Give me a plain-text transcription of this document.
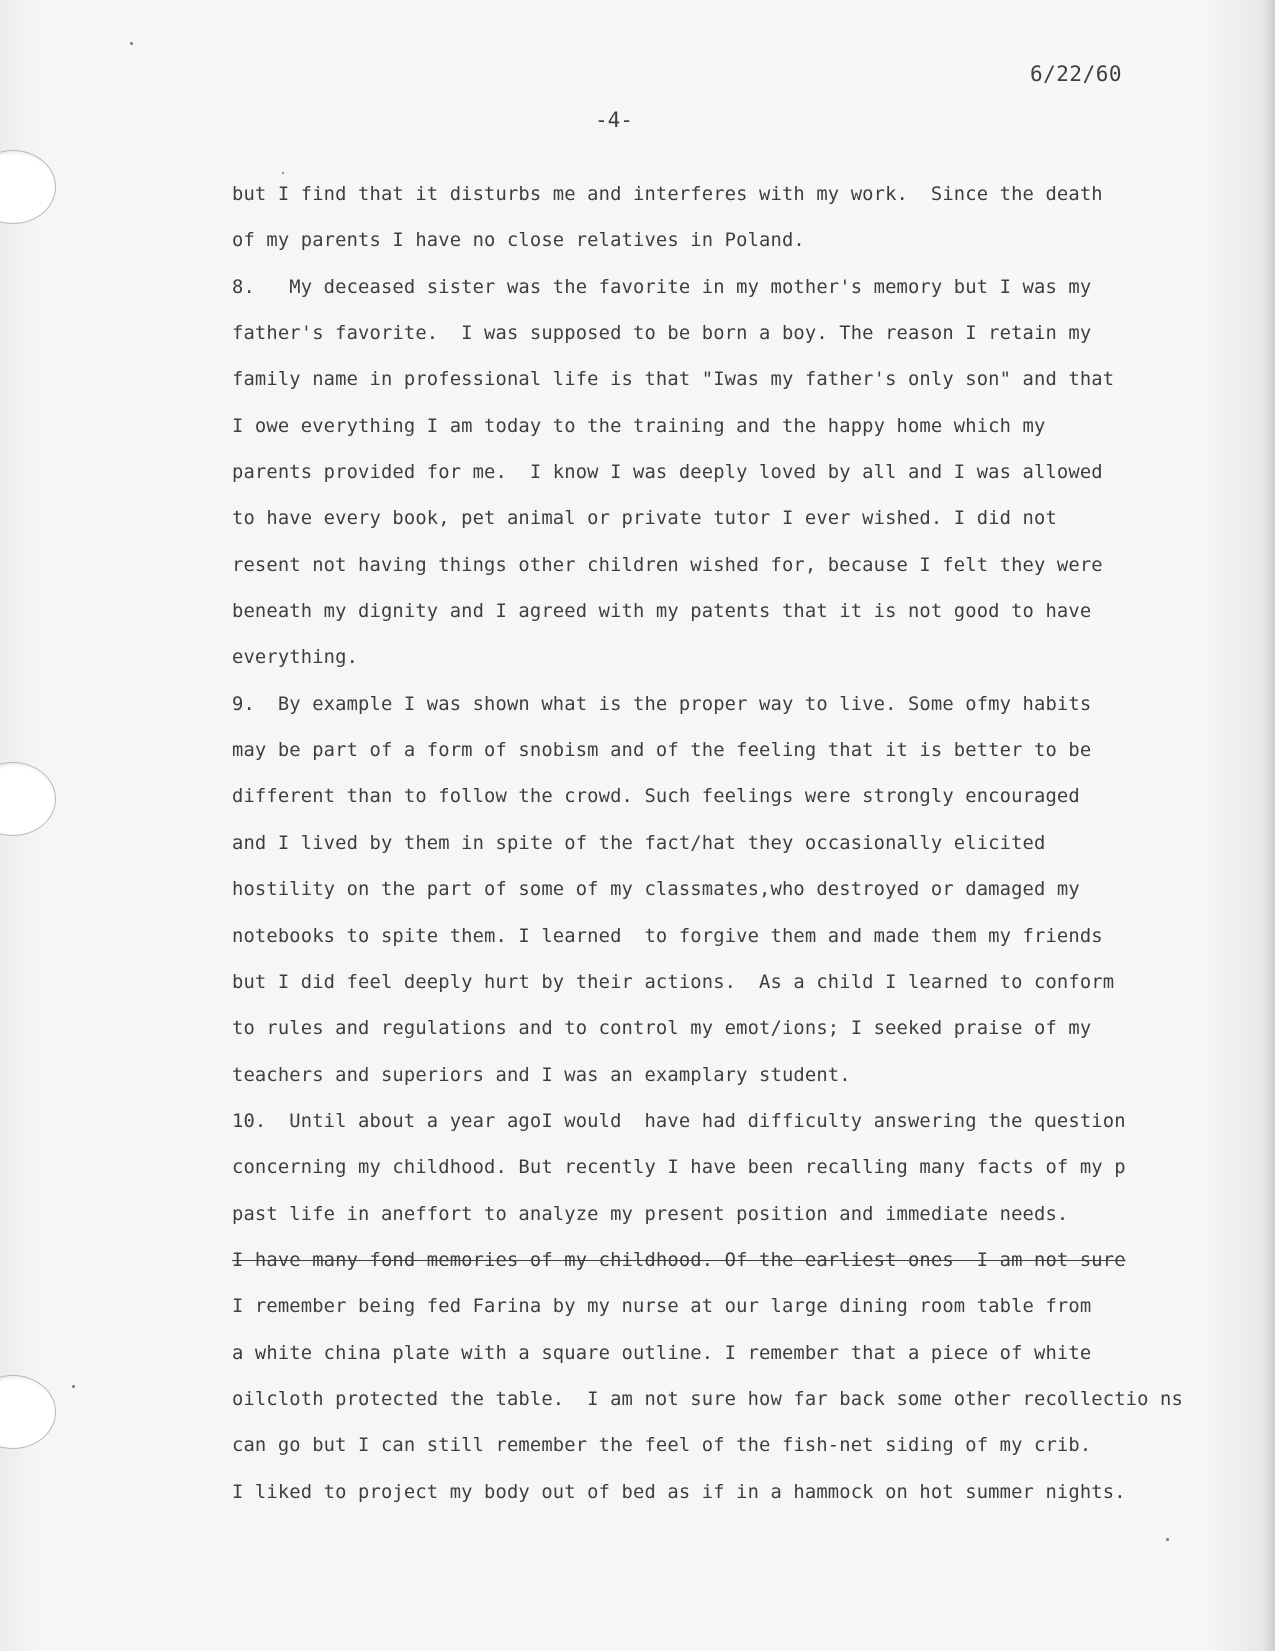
6/22/60
-4-
but I find that it disturbs me and interferes with my work.  Since the death
of my parents I have no close relatives in Poland.
8.   My deceased sister was the favorite in my mother's memory but I was my
father's favorite.  I was supposed to be born a boy. The reason I retain my
family name in professional life is that "Iwas my father's only son" and that
I owe everything I am today to the training and the happy home which my
parents provided for me.  I know I was deeply loved by all and I was allowed
to have every book, pet animal or private tutor I ever wished. I did not
resent not having things other children wished for, because I felt they were
beneath my dignity and I agreed with my patents that it is not good to have
everything.
9.  By example I was shown what is the proper way to live. Some ofmy habits
may be part of a form of snobism and of the feeling that it is better to be
different than to follow the crowd. Such feelings were strongly encouraged
and I lived by them in spite of the fact/hat they occasionally elicited
hostility on the part of some of my classmates,who destroyed or damaged my
notebooks to spite them. I learned  to forgive them and made them my friends
but I did feel deeply hurt by their actions.  As a child I learned to conform
to rules and regulations and to control my emot/ions; I seeked praise of my
teachers and superiors and I was an examplary student.
10.  Until about a year agoI would  have had difficulty answering the question
concerning my childhood. But recently I have been recalling many facts of my p
past life in aneffort to analyze my present position and immediate needs.
I have many fond memories of my childhood. Of the earliest ones  I am not sure
I remember being fed Farina by my nurse at our large dining room table from
a white china plate with a square outline. I remember that a piece of white
oilcloth protected the table.  I am not sure how far back some other recollectio ns
can go but I can still remember the feel of the fish-net siding of my crib.
I liked to project my body out of bed as if in a hammock on hot summer nights.
